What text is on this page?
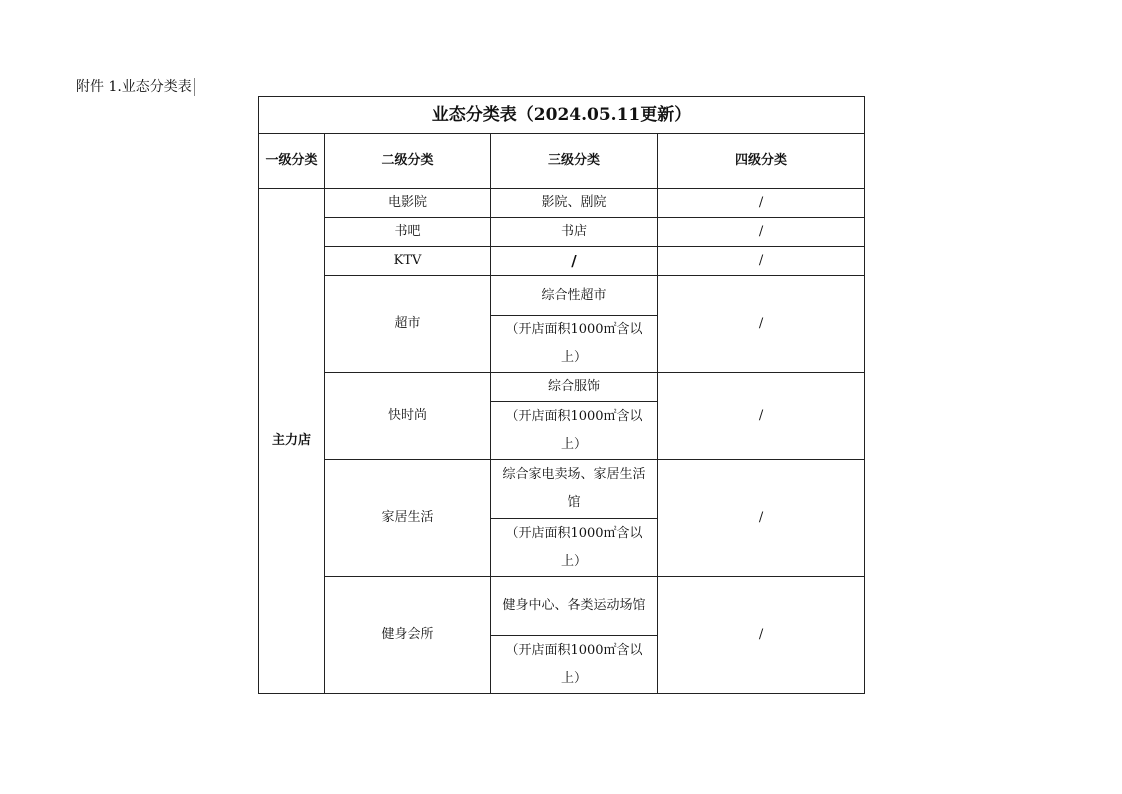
附件 1.业态分类表
业态分类表（2024.05.11更新）			
一级分类	二级分类	三级分类	四级分类
主力店	电影院	影院、剧院	/
	书吧	书店	/
	KTV	/	/
	超市	综合性超市	/
		（开店面积1000㎡含以上）	
	快时尚	综合服饰	/
		（开店面积1000㎡含以上）	
	家居生活	综合家电卖场、家居生活馆	/
		（开店面积1000㎡含以上）	
	健身会所	健身中心、各类运动场馆	/
		（开店面积1000㎡含以上）	
